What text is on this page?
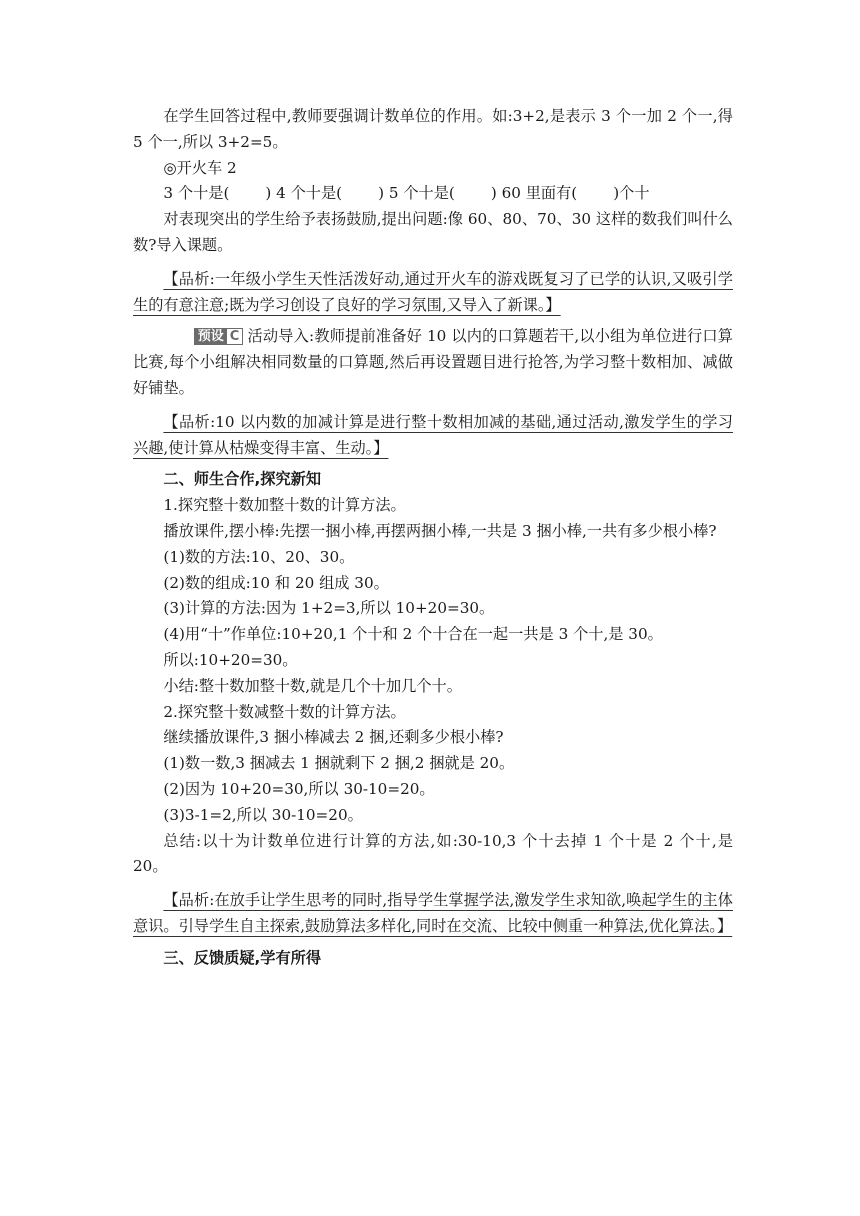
在学生回答过程中,教师要强调计数单位的作用。如:3+2,是表示 3 个一加 2 个一,得 5 个一,所以 3+2=5。

◎开火车 2

3 个十是( ) 4 个十是( ) 5 个十是( ) 60 里面有( )个十

对表现突出的学生给予表扬鼓励,提出问题:像 60、80、70、30 这样的数我们叫什么数?导入课题。

【品析:一年级小学生天性活泼好动,通过开火车的游戏既复习了已学的认识,又吸引学生的有意注意;既为学习创设了良好的学习氛围,又导入了新课。】

预设 C 活动导入:教师提前准备好 10 以内的口算题若干,以小组为单位进行口算比赛,每个小组解决相同数量的口算题,然后再设置题目进行抢答,为学习整十数相加、减做好铺垫。

【品析:10 以内数的加减计算是进行整十数相加减的基础,通过活动,激发学生的学习兴趣,使计算从枯燥变得丰富、生动。】

二、师生合作,探究新知

1.探究整十数加整十数的计算方法。

播放课件,摆小棒:先摆一捆小棒,再摆两捆小棒,一共是 3 捆小棒,一共有多少根小棒?

(1)数的方法:10、20、30。

(2)数的组成:10 和 20 组成 30。

(3)计算的方法:因为 1+2=3,所以 10+20=30。

(4)用“十”作单位:10+20,1 个十和 2 个十合在一起一共是 3 个十,是 30。

所以:10+20=30。

小结:整十数加整十数,就是几个十加几个十。

2.探究整十数减整十数的计算方法。

继续播放课件,3 捆小棒减去 2 捆,还剩多少根小棒?

(1)数一数,3 捆减去 1 捆就剩下 2 捆,2 捆就是 20。

(2)因为 10+20=30,所以 30-10=20。

(3)3-1=2,所以 30-10=20。

总结:以十为计数单位进行计算的方法,如:30-10,3 个十去掉 1 个十是 2 个十,是 20。

【品析:在放手让学生思考的同时,指导学生掌握学法,激发学生求知欲,唤起学生的主体意识。引导学生自主探索,鼓励算法多样化,同时在交流、比较中侧重一种算法,优化算法。】

三、反馈质疑,学有所得
